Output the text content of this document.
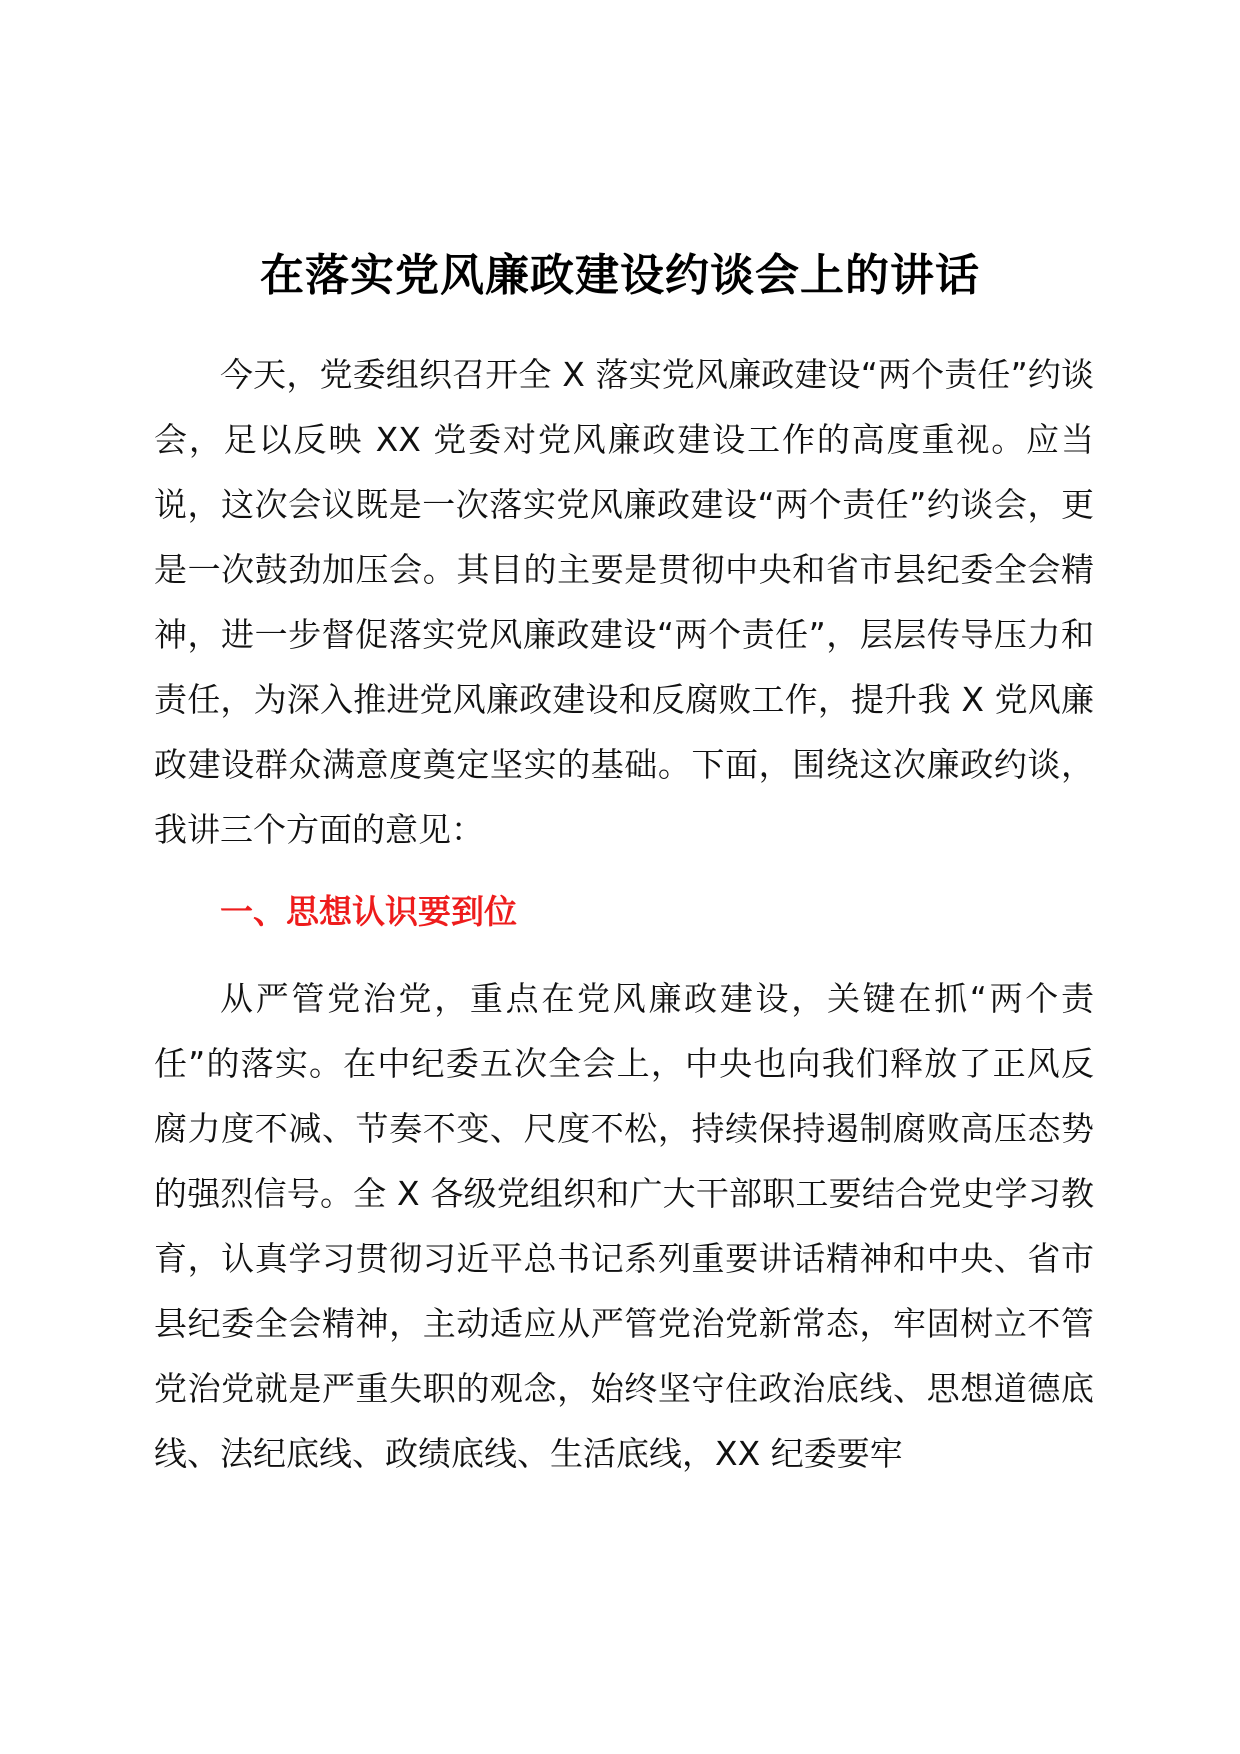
在落实党风廉政建设约谈会上的讲话

今天，党委组织召开全 X 落实党风廉政建设“两个责任”约谈会，足以反映 XX 党委对党风廉政建设工作的高度重视。应当说，这次会议既是一次落实党风廉政建设“两个责任”约谈会，更是一次鼓劲加压会。其目的主要是贯彻中央和省市县纪委全会精神，进一步督促落实党风廉政建设“两个责任”，层层传导压力和责任，为深入推进党风廉政建设和反腐败工作，提升我 X 党风廉政建设群众满意度奠定坚实的基础。下面，围绕这次廉政约谈，我讲三个方面的意见：

一、思想认识要到位

从严管党治党，重点在党风廉政建设，关键在抓“两个责任”的落实。在中纪委五次全会上，中央也向我们释放了正风反腐力度不减、节奏不变、尺度不松，持续保持遏制腐败高压态势的强烈信号。全 X 各级党组织和广大干部职工要结合党史学习教育，认真学习贯彻习近平总书记系列重要讲话精神和中央、省市县纪委全会精神，主动适应从严管党治党新常态，牢固树立不管党治党就是严重失职的观念，始终坚守住政治底线、思想道德底线、法纪底线、政绩底线、生活底线，XX 纪委要牢
